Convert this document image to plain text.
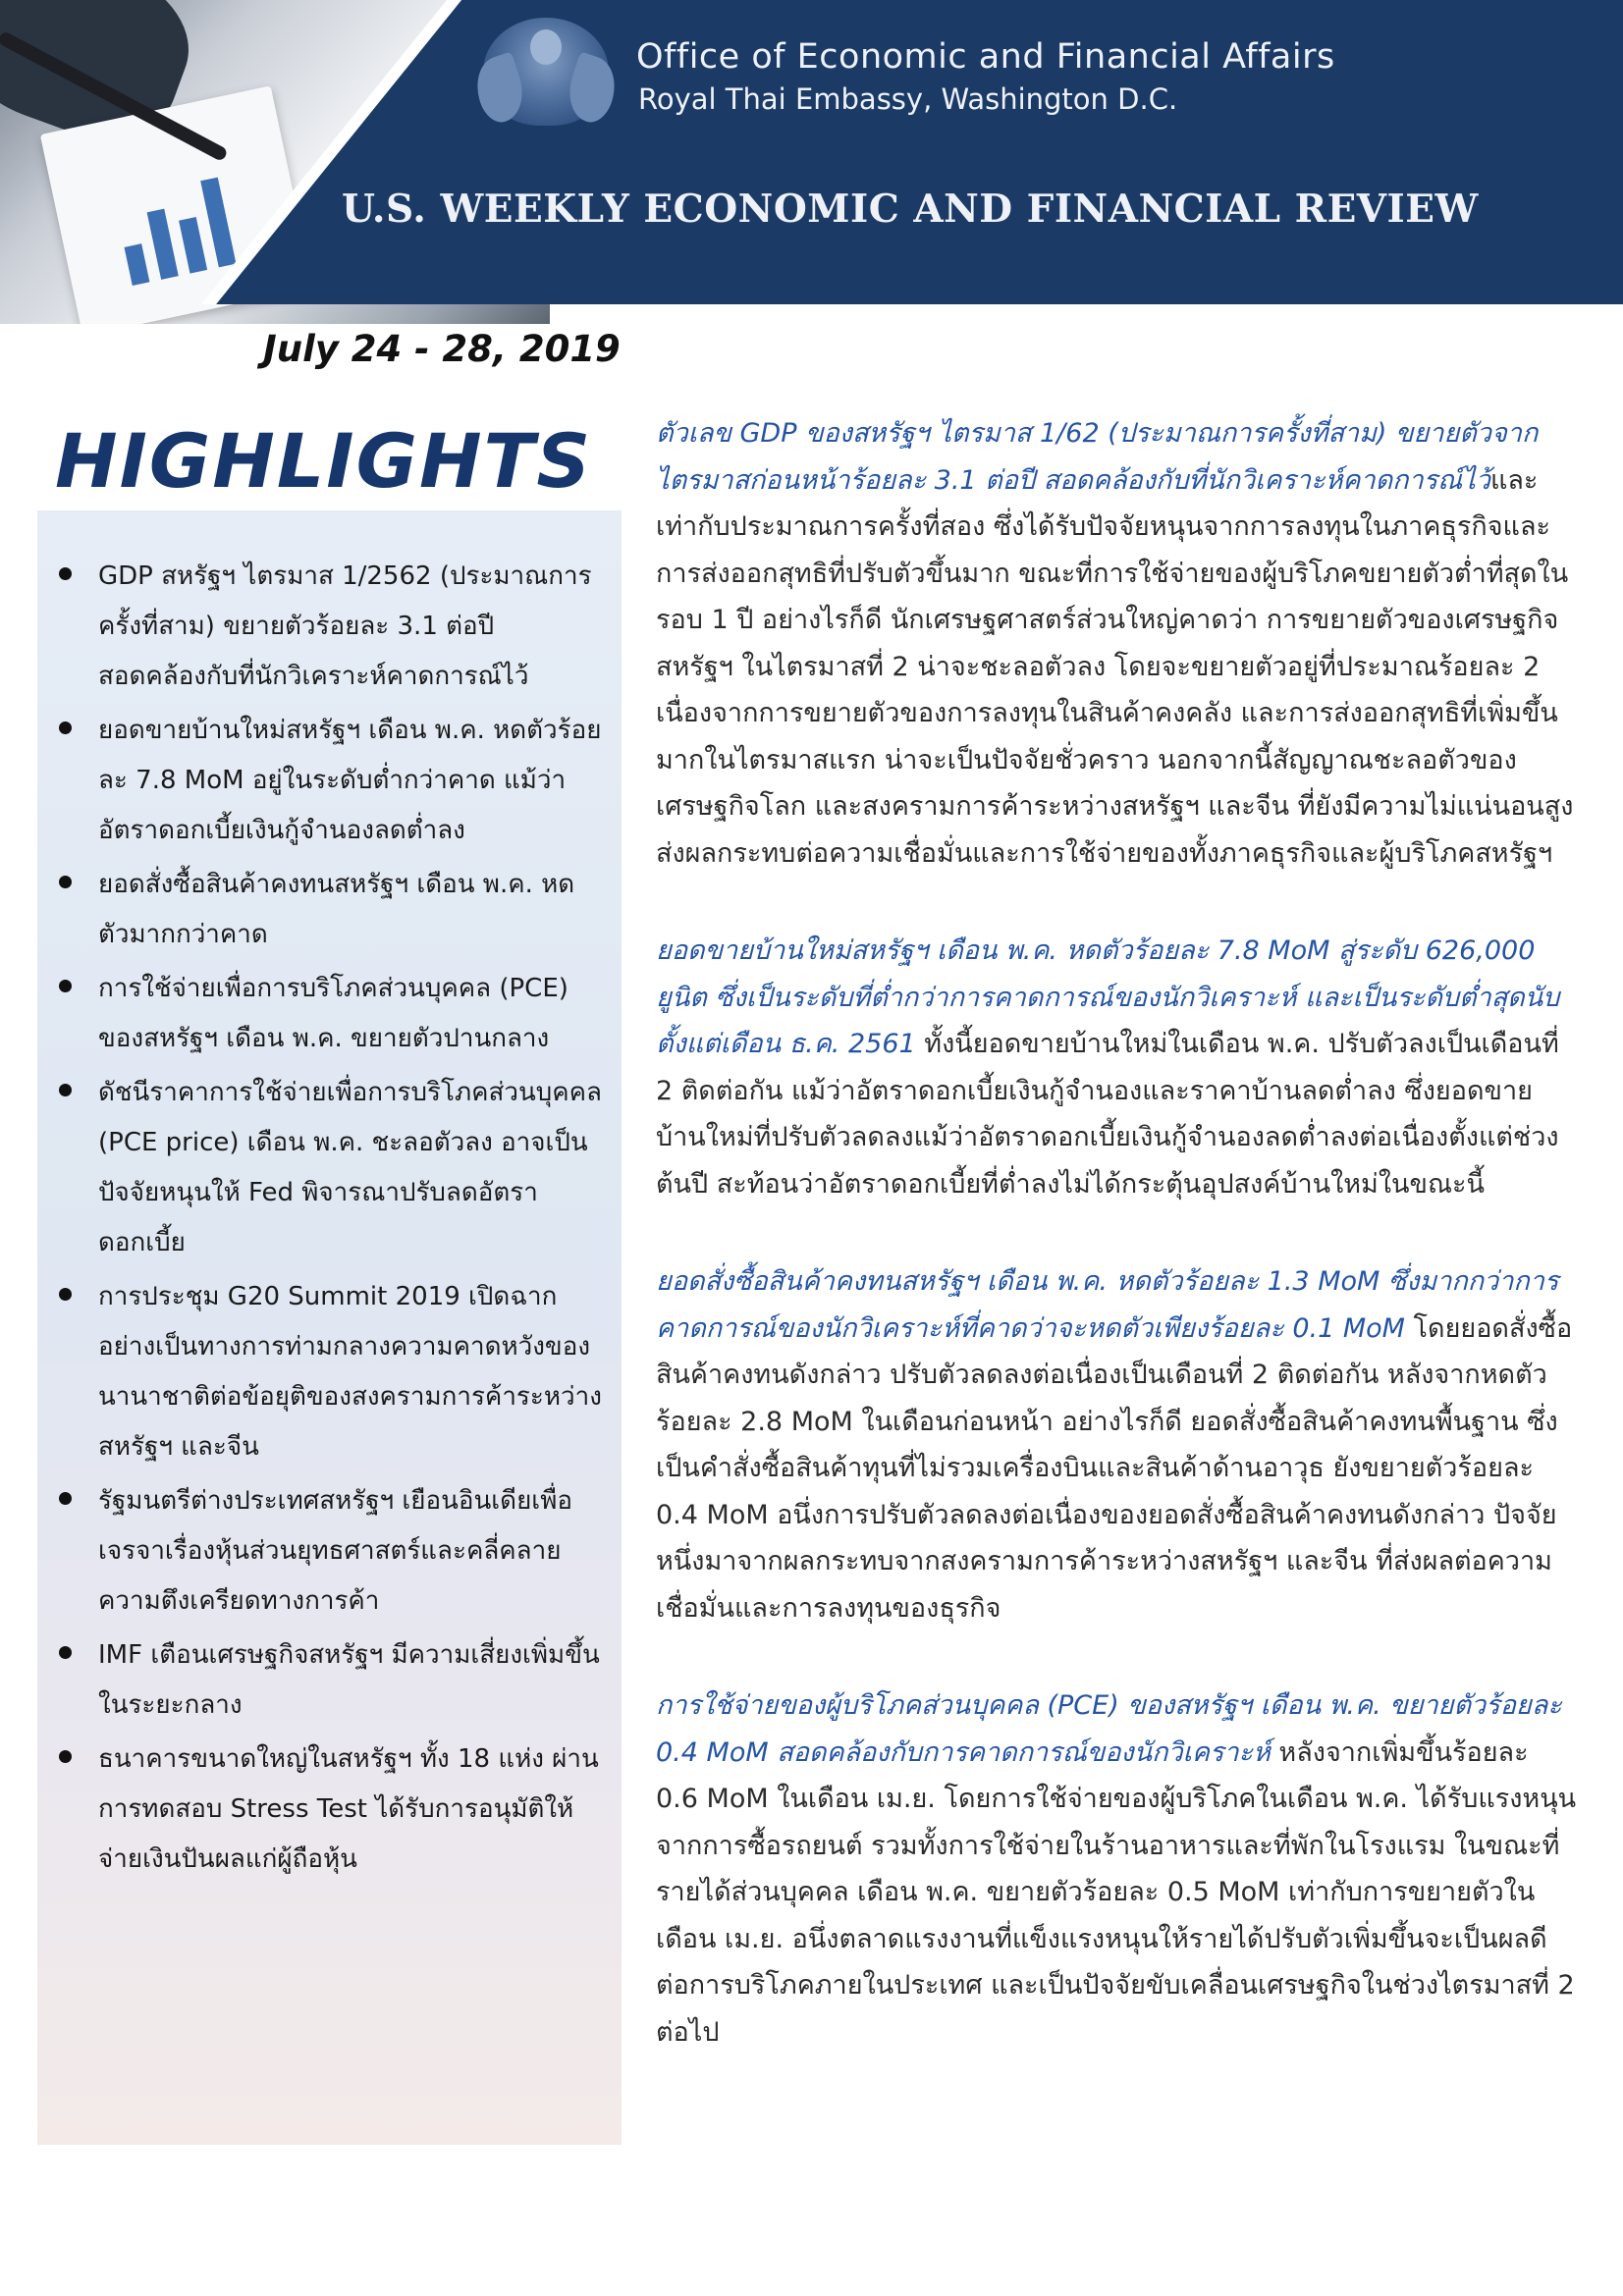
Office of Economic and Financial Affairs
Royal Thai Embassy, Washington D.C.
U.S. WEEKLY ECONOMIC AND FINANCIAL REVIEW
July 24 - 28, 2019
HIGHLIGHTS
GDP สหรัฐฯ ไตรมาส 1/2562 (ประมาณการครั้งที่สาม) ขยายตัวร้อยละ 3.1 ต่อปี สอดคล้องกับที่นักวิเคราะห์คาดการณ์ไว้
ยอดขายบ้านใหม่สหรัฐฯ เดือน พ.ค. หดตัวร้อยละ 7.8 MoM อยู่ในระดับต่ำกว่าคาด แม้ว่าอัตราดอกเบี้ยเงินกู้จำนองลดต่ำลง
ยอดสั่งซื้อสินค้าคงทนสหรัฐฯ เดือน พ.ค. หดตัวมากกว่าคาด
การใช้จ่ายเพื่อการบริโภคส่วนบุคคล (PCE) ของสหรัฐฯ เดือน พ.ค. ขยายตัวปานกลาง
ดัชนีราคาการใช้จ่ายเพื่อการบริโภคส่วนบุคคล (PCE price) เดือน พ.ค. ชะลอตัวลง อาจเป็นปัจจัยหนุนให้ Fed พิจารณาปรับลดอัตราดอกเบี้ย
การประชุม G20 Summit 2019 เปิดฉากอย่างเป็นทางการท่ามกลางความคาดหวังของนานาชาติต่อข้อยุติของสงครามการค้าระหว่างสหรัฐฯ และจีน
รัฐมนตรีต่างประเทศสหรัฐฯ เยือนอินเดียเพื่อเจรจาเรื่องหุ้นส่วนยุทธศาสตร์และคลี่คลายความตึงเครียดทางการค้า
IMF เตือนเศรษฐกิจสหรัฐฯ มีความเสี่ยงเพิ่มขึ้นในระยะกลาง
ธนาคารขนาดใหญ่ในสหรัฐฯ ทั้ง 18 แห่ง ผ่านการทดสอบ Stress Test ได้รับการอนุมัติให้จ่ายเงินปันผลแก่ผู้ถือหุ้น

ตัวเลข GDP ของสหรัฐฯ ไตรมาส 1/62 (ประมาณการครั้งที่สาม) ขยายตัวจากไตรมาสก่อนหน้าร้อยละ 3.1 ต่อปี สอดคล้องกับที่นักวิเคราะห์คาดการณ์ไว้และเท่ากับประมาณการครั้งที่สอง ซึ่งได้รับปัจจัยหนุนจากการลงทุนในภาคธุรกิจและการส่งออกสุทธิที่ปรับตัวขึ้นมาก ขณะที่การใช้จ่ายของผู้บริโภคขยายตัวต่ำที่สุดในรอบ 1 ปี อย่างไรก็ดี นักเศรษฐศาสตร์ส่วนใหญ่คาดว่า การขยายตัวของเศรษฐกิจสหรัฐฯ ในไตรมาสที่ 2 น่าจะชะลอตัวลง โดยจะขยายตัวอยู่ที่ประมาณร้อยละ 2 เนื่องจากการขยายตัวของการลงทุนในสินค้าคงคลัง และการส่งออกสุทธิที่เพิ่มขึ้นมากในไตรมาสแรก น่าจะเป็นปัจจัยชั่วคราว นอกจากนี้สัญญาณชะลอตัวของเศรษฐกิจโลก และสงครามการค้าระหว่างสหรัฐฯ และจีน ที่ยังมีความไม่แน่นอนสูง ส่งผลกระทบต่อความเชื่อมั่นและการใช้จ่ายของทั้งภาคธุรกิจและผู้บริโภคสหรัฐฯ

ยอดขายบ้านใหม่สหรัฐฯ เดือน พ.ค. หดตัวร้อยละ 7.8 MoM สู่ระดับ 626,000 ยูนิต ซึ่งเป็นระดับที่ต่ำกว่าการคาดการณ์ของนักวิเคราะห์ และเป็นระดับต่ำสุดนับตั้งแต่เดือน ธ.ค. 2561 ทั้งนี้ยอดขายบ้านใหม่ในเดือน พ.ค. ปรับตัวลงเป็นเดือนที่ 2 ติดต่อกัน แม้ว่าอัตราดอกเบี้ยเงินกู้จำนองและราคาบ้านลดต่ำลง ซึ่งยอดขายบ้านใหม่ที่ปรับตัวลดลงแม้ว่าอัตราดอกเบี้ยเงินกู้จำนองลดต่ำลงต่อเนื่องตั้งแต่ช่วงต้นปี สะท้อนว่าอัตราดอกเบี้ยที่ต่ำลงไม่ได้กระตุ้นอุปสงค์บ้านใหม่ในขณะนี้

ยอดสั่งซื้อสินค้าคงทนสหรัฐฯ เดือน พ.ค. หดตัวร้อยละ 1.3 MoM ซึ่งมากกว่าการคาดการณ์ของนักวิเคราะห์ที่คาดว่าจะหดตัวเพียงร้อยละ 0.1 MoM โดยยอดสั่งซื้อสินค้าคงทนดังกล่าว ปรับตัวลดลงต่อเนื่องเป็นเดือนที่ 2 ติดต่อกัน หลังจากหดตัวร้อยละ 2.8 MoM ในเดือนก่อนหน้า อย่างไรก็ดี ยอดสั่งซื้อสินค้าคงทนพื้นฐาน ซึ่งเป็นคำสั่งซื้อสินค้าทุนที่ไม่รวมเครื่องบินและสินค้าด้านอาวุธ ยังขยายตัวร้อยละ 0.4 MoM อนึ่งการปรับตัวลดลงต่อเนื่องของยอดสั่งซื้อสินค้าคงทนดังกล่าว ปัจจัยหนึ่งมาจากผลกระทบจากสงครามการค้าระหว่างสหรัฐฯ และจีน ที่ส่งผลต่อความเชื่อมั่นและการลงทุนของธุรกิจ

การใช้จ่ายของผู้บริโภคส่วนบุคคล (PCE) ของสหรัฐฯ เดือน พ.ค. ขยายตัวร้อยละ 0.4 MoM สอดคล้องกับการคาดการณ์ของนักวิเคราะห์ หลังจากเพิ่มขึ้นร้อยละ 0.6 MoM ในเดือน เม.ย. โดยการใช้จ่ายของผู้บริโภคในเดือน พ.ค. ได้รับแรงหนุนจากการซื้อรถยนต์ รวมทั้งการใช้จ่ายในร้านอาหารและที่พักในโรงแรม ในขณะที่รายได้ส่วนบุคคล เดือน พ.ค. ขยายตัวร้อยละ 0.5 MoM เท่ากับการขยายตัวในเดือน เม.ย. อนึ่งตลาดแรงงานที่แข็งแรงหนุนให้รายได้ปรับตัวเพิ่มขึ้นจะเป็นผลดีต่อการบริโภคภายในประเทศ และเป็นปัจจัยขับเคลื่อนเศรษฐกิจในช่วงไตรมาสที่ 2 ต่อไป
